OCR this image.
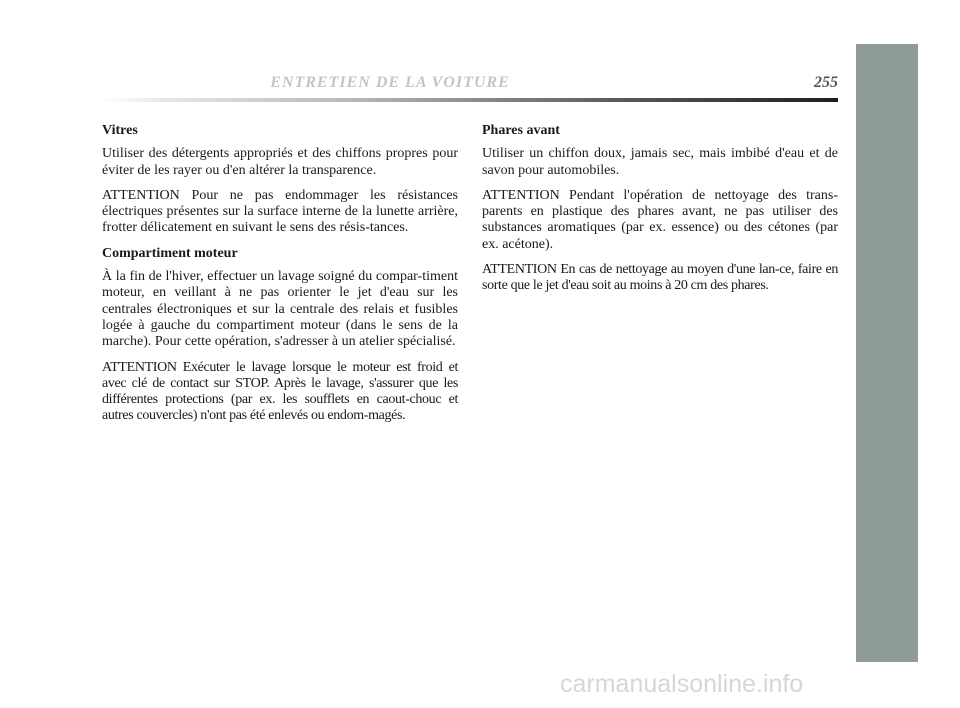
ENTRETIEN DE LA VOITURE	255
Vitres

Utiliser des détergents appropriés et des chiffons propres pour éviter de les rayer ou d'en altérer la transparence.

ATTENTION Pour ne pas endommager les résistances électriques présentes sur la surface interne de la lunette arrière, frotter délicatement en suivant le sens des résis-tances.

Compartiment moteur

À la fin de l'hiver, effectuer un lavage soigné du compar-timent moteur, en veillant à ne pas orienter le jet d'eau sur les centrales électroniques et sur la centrale des relais et fusibles logée à gauche du compartiment moteur (dans le sens de la marche). Pour cette opération, s'adresser à un atelier spécialisé.

ATTENTION Exécuter le lavage lorsque le moteur est froid et avec clé de contact sur STOP. Après le lavage, s'assurer que les différentes protections (par ex. les soufflets en caout-chouc et autres couvercles) n'ont pas été enlevés ou endom-magés.

Phares avant

Utiliser un chiffon doux, jamais sec, mais imbibé d'eau et de savon pour automobiles.

ATTENTION Pendant l'opération de nettoyage des trans-parents en plastique des phares avant, ne pas utiliser des substances aromatiques (par ex. essence) ou des cétones (par ex. acétone).

ATTENTION En cas de nettoyage au moyen d'une lan-ce, faire en sorte que le jet d'eau soit au moins à 20 cm des phares.

carmanualsonline.info
